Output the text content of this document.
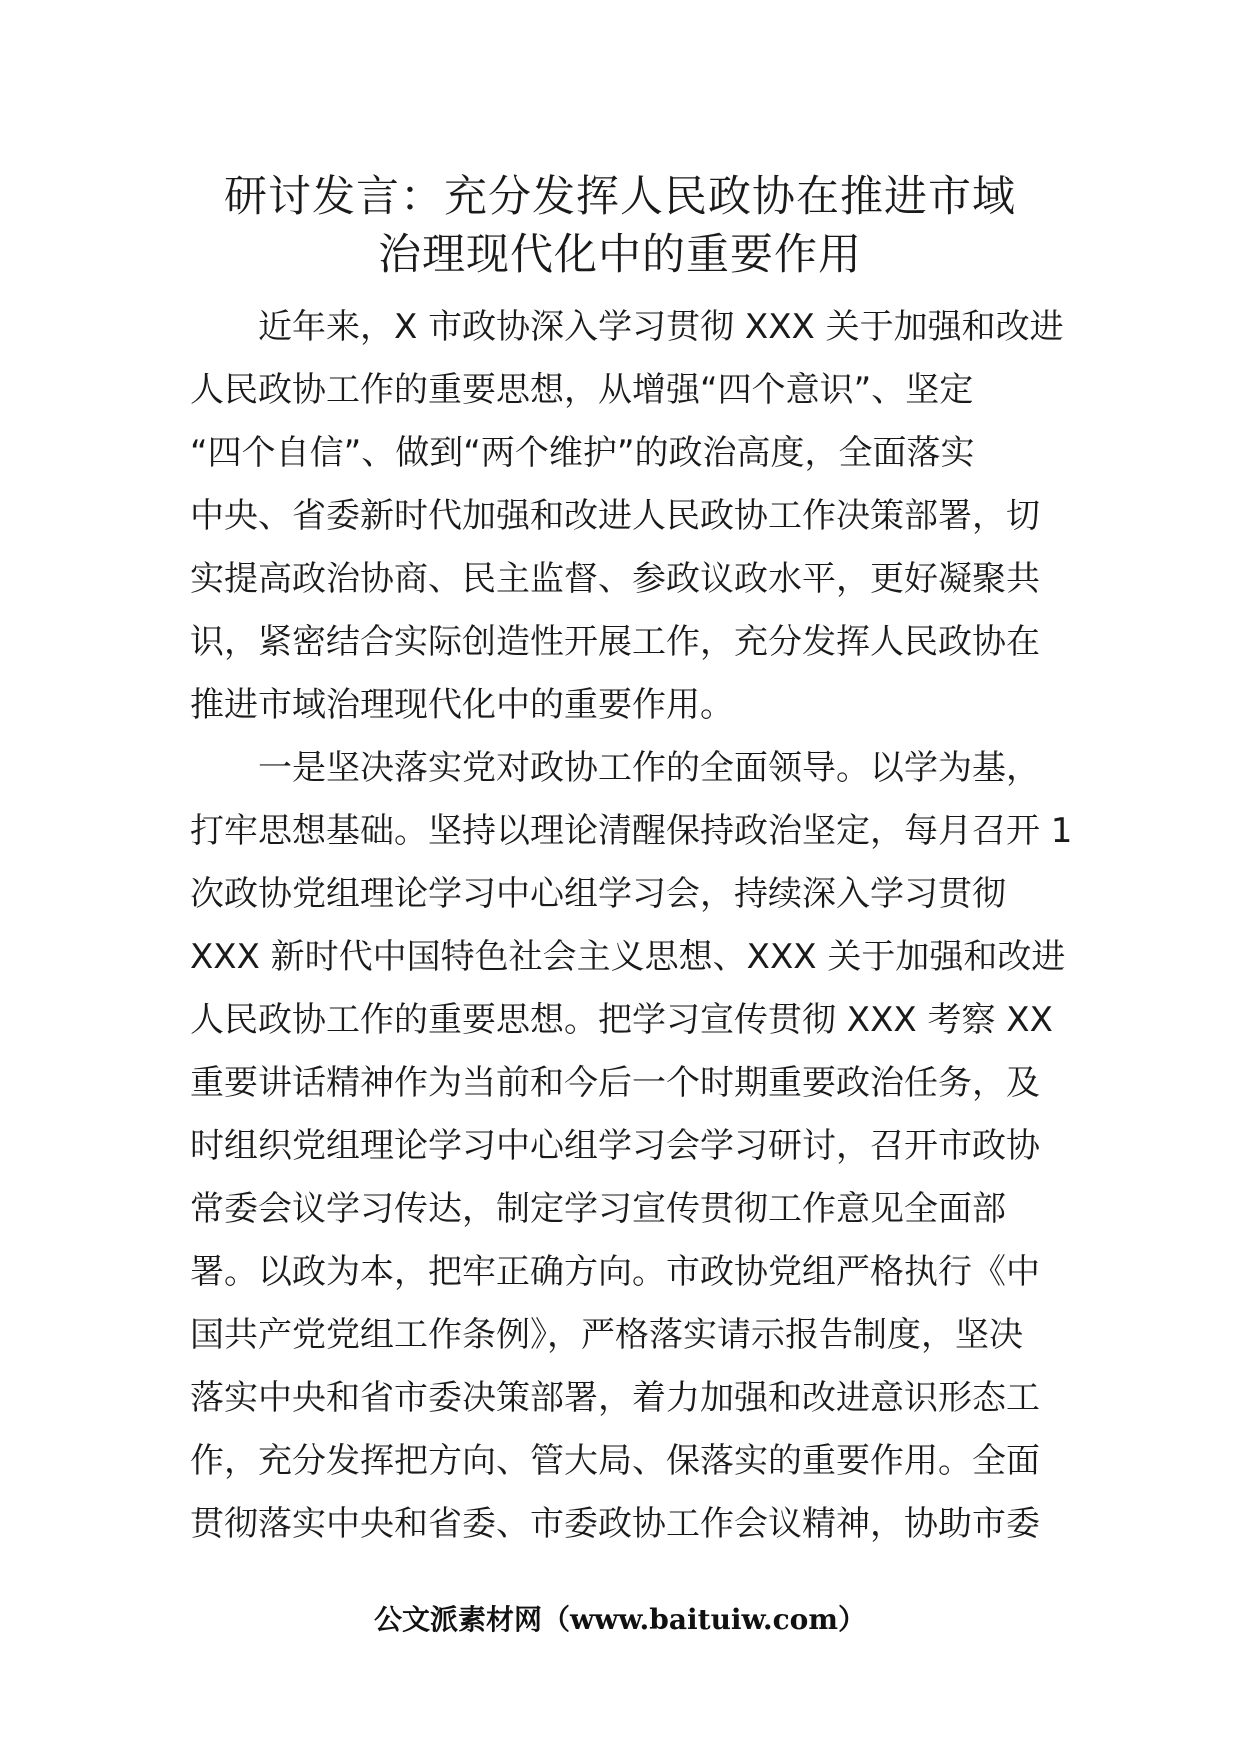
研讨发言：充分发挥人民政协在推进市域
治理现代化中的重要作用
　　近年来，X 市政协深入学习贯彻 XXX 关于加强和改进
人民政协工作的重要思想，从增强“四个意识”、坚定
“四个自信”、做到“两个维护”的政治高度，全面落实
中央、省委新时代加强和改进人民政协工作决策部署，切
实提高政治协商、民主监督、参政议政水平，更好凝聚共
识，紧密结合实际创造性开展工作，充分发挥人民政协在
推进市域治理现代化中的重要作用。
　　一是坚决落实党对政协工作的全面领导。以学为基，
打牢思想基础。坚持以理论清醒保持政治坚定，每月召开 1
次政协党组理论学习中心组学习会，持续深入学习贯彻
XXX 新时代中国特色社会主义思想、XXX 关于加强和改进
人民政协工作的重要思想。把学习宣传贯彻 XXX 考察 XX
重要讲话精神作为当前和今后一个时期重要政治任务，及
时组织党组理论学习中心组学习会学习研讨，召开市政协
常委会议学习传达，制定学习宣传贯彻工作意见全面部
署。以政为本，把牢正确方向。市政协党组严格执行《中
国共产党党组工作条例》，严格落实请示报告制度，坚决
落实中央和省市委决策部署，着力加强和改进意识形态工
作，充分发挥把方向、管大局、保落实的重要作用。全面
贯彻落实中央和省委、市委政协工作会议精神，协助市委
公文派素材网（www.baituiw.com）
